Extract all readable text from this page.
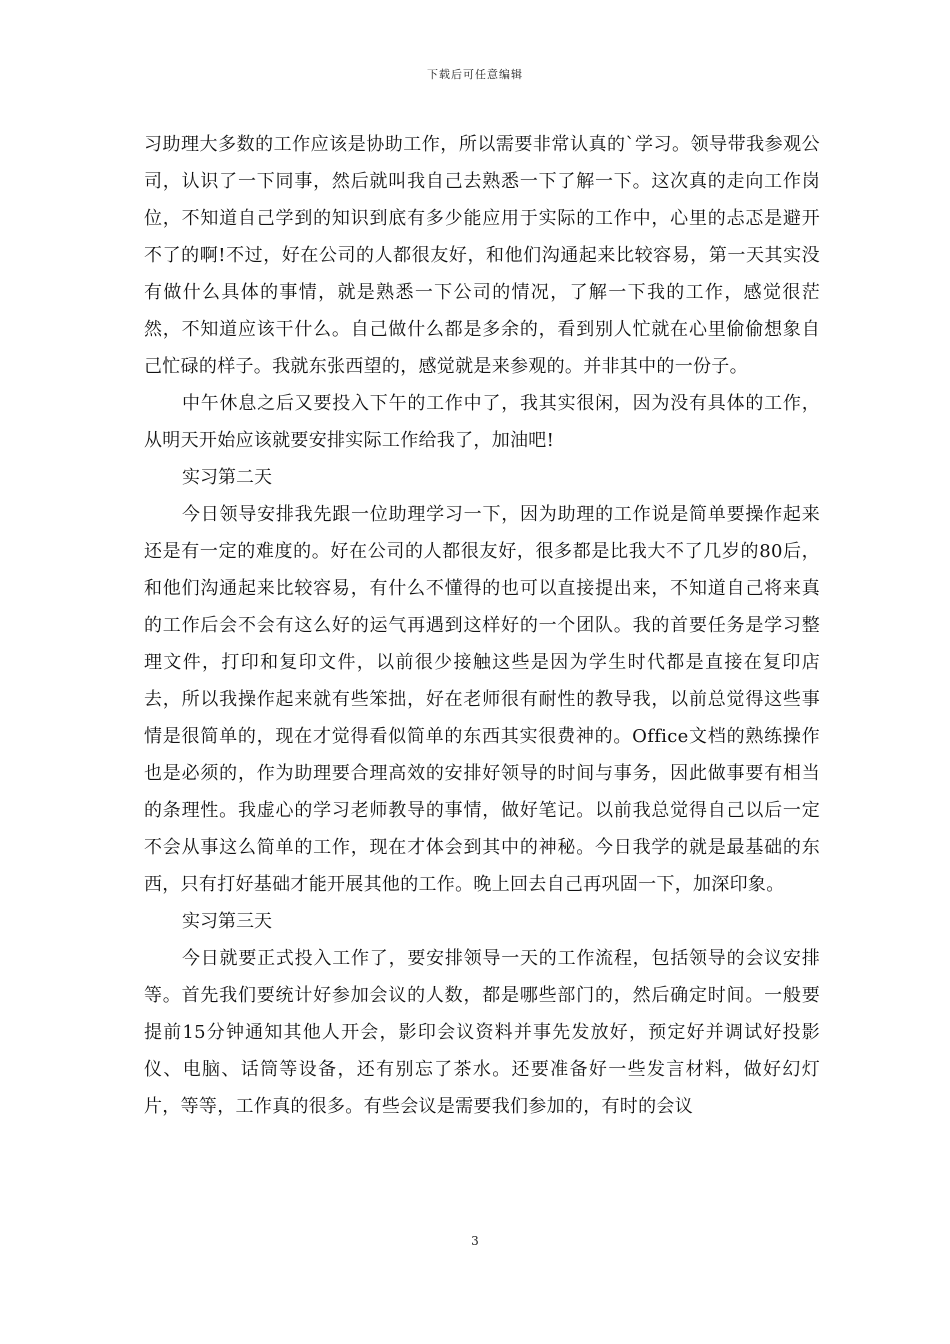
下载后可任意编辑

习助理大多数的工作应该是协助工作，所以需要非常认真的`学习。领导带我参观公司，认识了一下同事，然后就叫我自己去熟悉一下了解一下。这次真的走向工作岗位，不知道自己学到的知识到底有多少能应用于实际的工作中，心里的忐忑是避开不了的啊!不过，好在公司的人都很友好，和他们沟通起来比较容易，第一天其实没有做什么具体的事情，就是熟悉一下公司的情况，了解一下我的工作，感觉很茫然，不知道应该干什么。自己做什么都是多余的，看到别人忙就在心里偷偷想象自己忙碌的样子。我就东张西望的，感觉就是来参观的。并非其中的一份子。

中午休息之后又要投入下午的工作中了，我其实很闲，因为没有具体的工作，从明天开始应该就要安排实际工作给我了，加油吧!

实习第二天

今日领导安排我先跟一位助理学习一下，因为助理的工作说是简单要操作起来还是有一定的难度的。好在公司的人都很友好，很多都是比我大不了几岁的80后，和他们沟通起来比较容易，有什么不懂得的也可以直接提出来，不知道自己将来真的工作后会不会有这么好的运气再遇到这样好的一个团队。我的首要任务是学习整理文件，打印和复印文件，以前很少接触这些是因为学生时代都是直接在复印店去，所以我操作起来就有些笨拙，好在老师很有耐性的教导我，以前总觉得这些事情是很简单的，现在才觉得看似简单的东西其实很费神的。Office文档的熟练操作也是必须的，作为助理要合理高效的安排好领导的时间与事务，因此做事要有相当的条理性。我虚心的学习老师教导的事情，做好笔记。以前我总觉得自己以后一定不会从事这么简单的工作，现在才体会到其中的神秘。今日我学的就是最基础的东西，只有打好基础才能开展其他的工作。晚上回去自己再巩固一下，加深印象。

实习第三天

今日就要正式投入工作了，要安排领导一天的工作流程，包括领导的会议安排等。首先我们要统计好参加会议的人数，都是哪些部门的，然后确定时间。一般要提前15分钟通知其他人开会，影印会议资料并事先发放好，预定好并调试好投影仪、电脑、话筒等设备，还有别忘了茶水。还要准备好一些发言材料，做好幻灯片，等等，工作真的很多。有些会议是需要我们参加的，有时的会议

3
